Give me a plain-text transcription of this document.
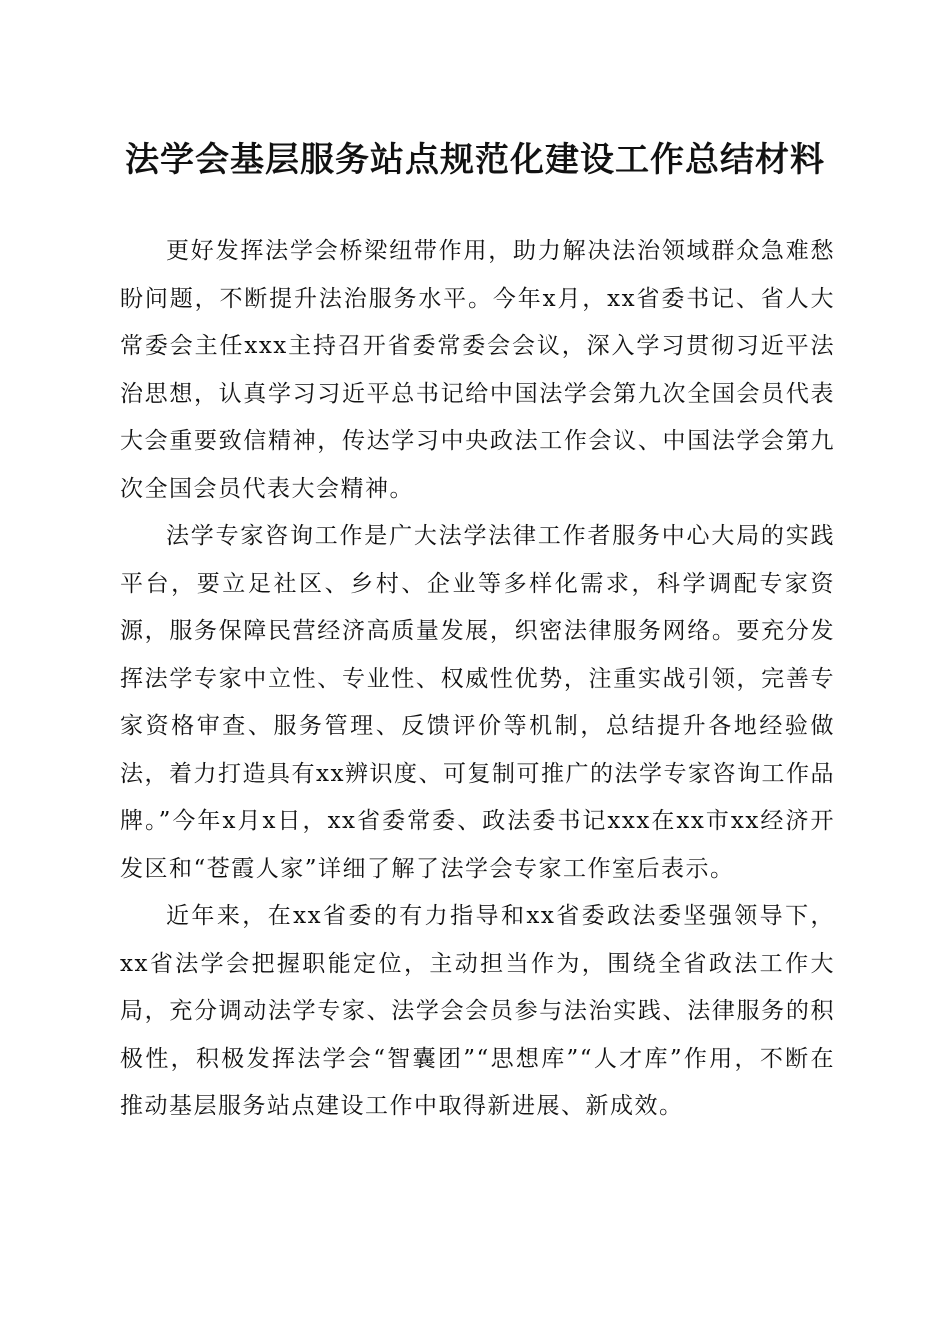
法学会基层服务站点规范化建设工作总结材料

更好发挥法学会桥梁纽带作用，助力解决法治领域群众急难愁盼问题，不断提升法治服务水平。今年x月，xx省委书记、省人大常委会主任xxx主持召开省委常委会会议，深入学习贯彻习近平法治思想，认真学习习近平总书记给中国法学会第九次全国会员代表大会重要致信精神，传达学习中央政法工作会议、中国法学会第九次全国会员代表大会精神。

法学专家咨询工作是广大法学法律工作者服务中心大局的实践平台，要立足社区、乡村、企业等多样化需求，科学调配专家资源，服务保障民营经济高质量发展，织密法律服务网络。要充分发挥法学专家中立性、专业性、权威性优势，注重实战引领，完善专家资格审查、服务管理、反馈评价等机制，总结提升各地经验做法，着力打造具有xx辨识度、可复制可推广的法学专家咨询工作品牌。”今年x月x日，xx省委常委、政法委书记xxx在xx市xx经济开发区和“苍霞人家”详细了解了法学会专家工作室后表示。

近年来，在xx省委的有力指导和xx省委政法委坚强领导下，xx省法学会把握职能定位，主动担当作为，围绕全省政法工作大局，充分调动法学专家、法学会会员参与法治实践、法律服务的积极性，积极发挥法学会“智囊团”“思想库”“人才库”作用，不断在推动基层服务站点建设工作中取得新进展、新成效。
